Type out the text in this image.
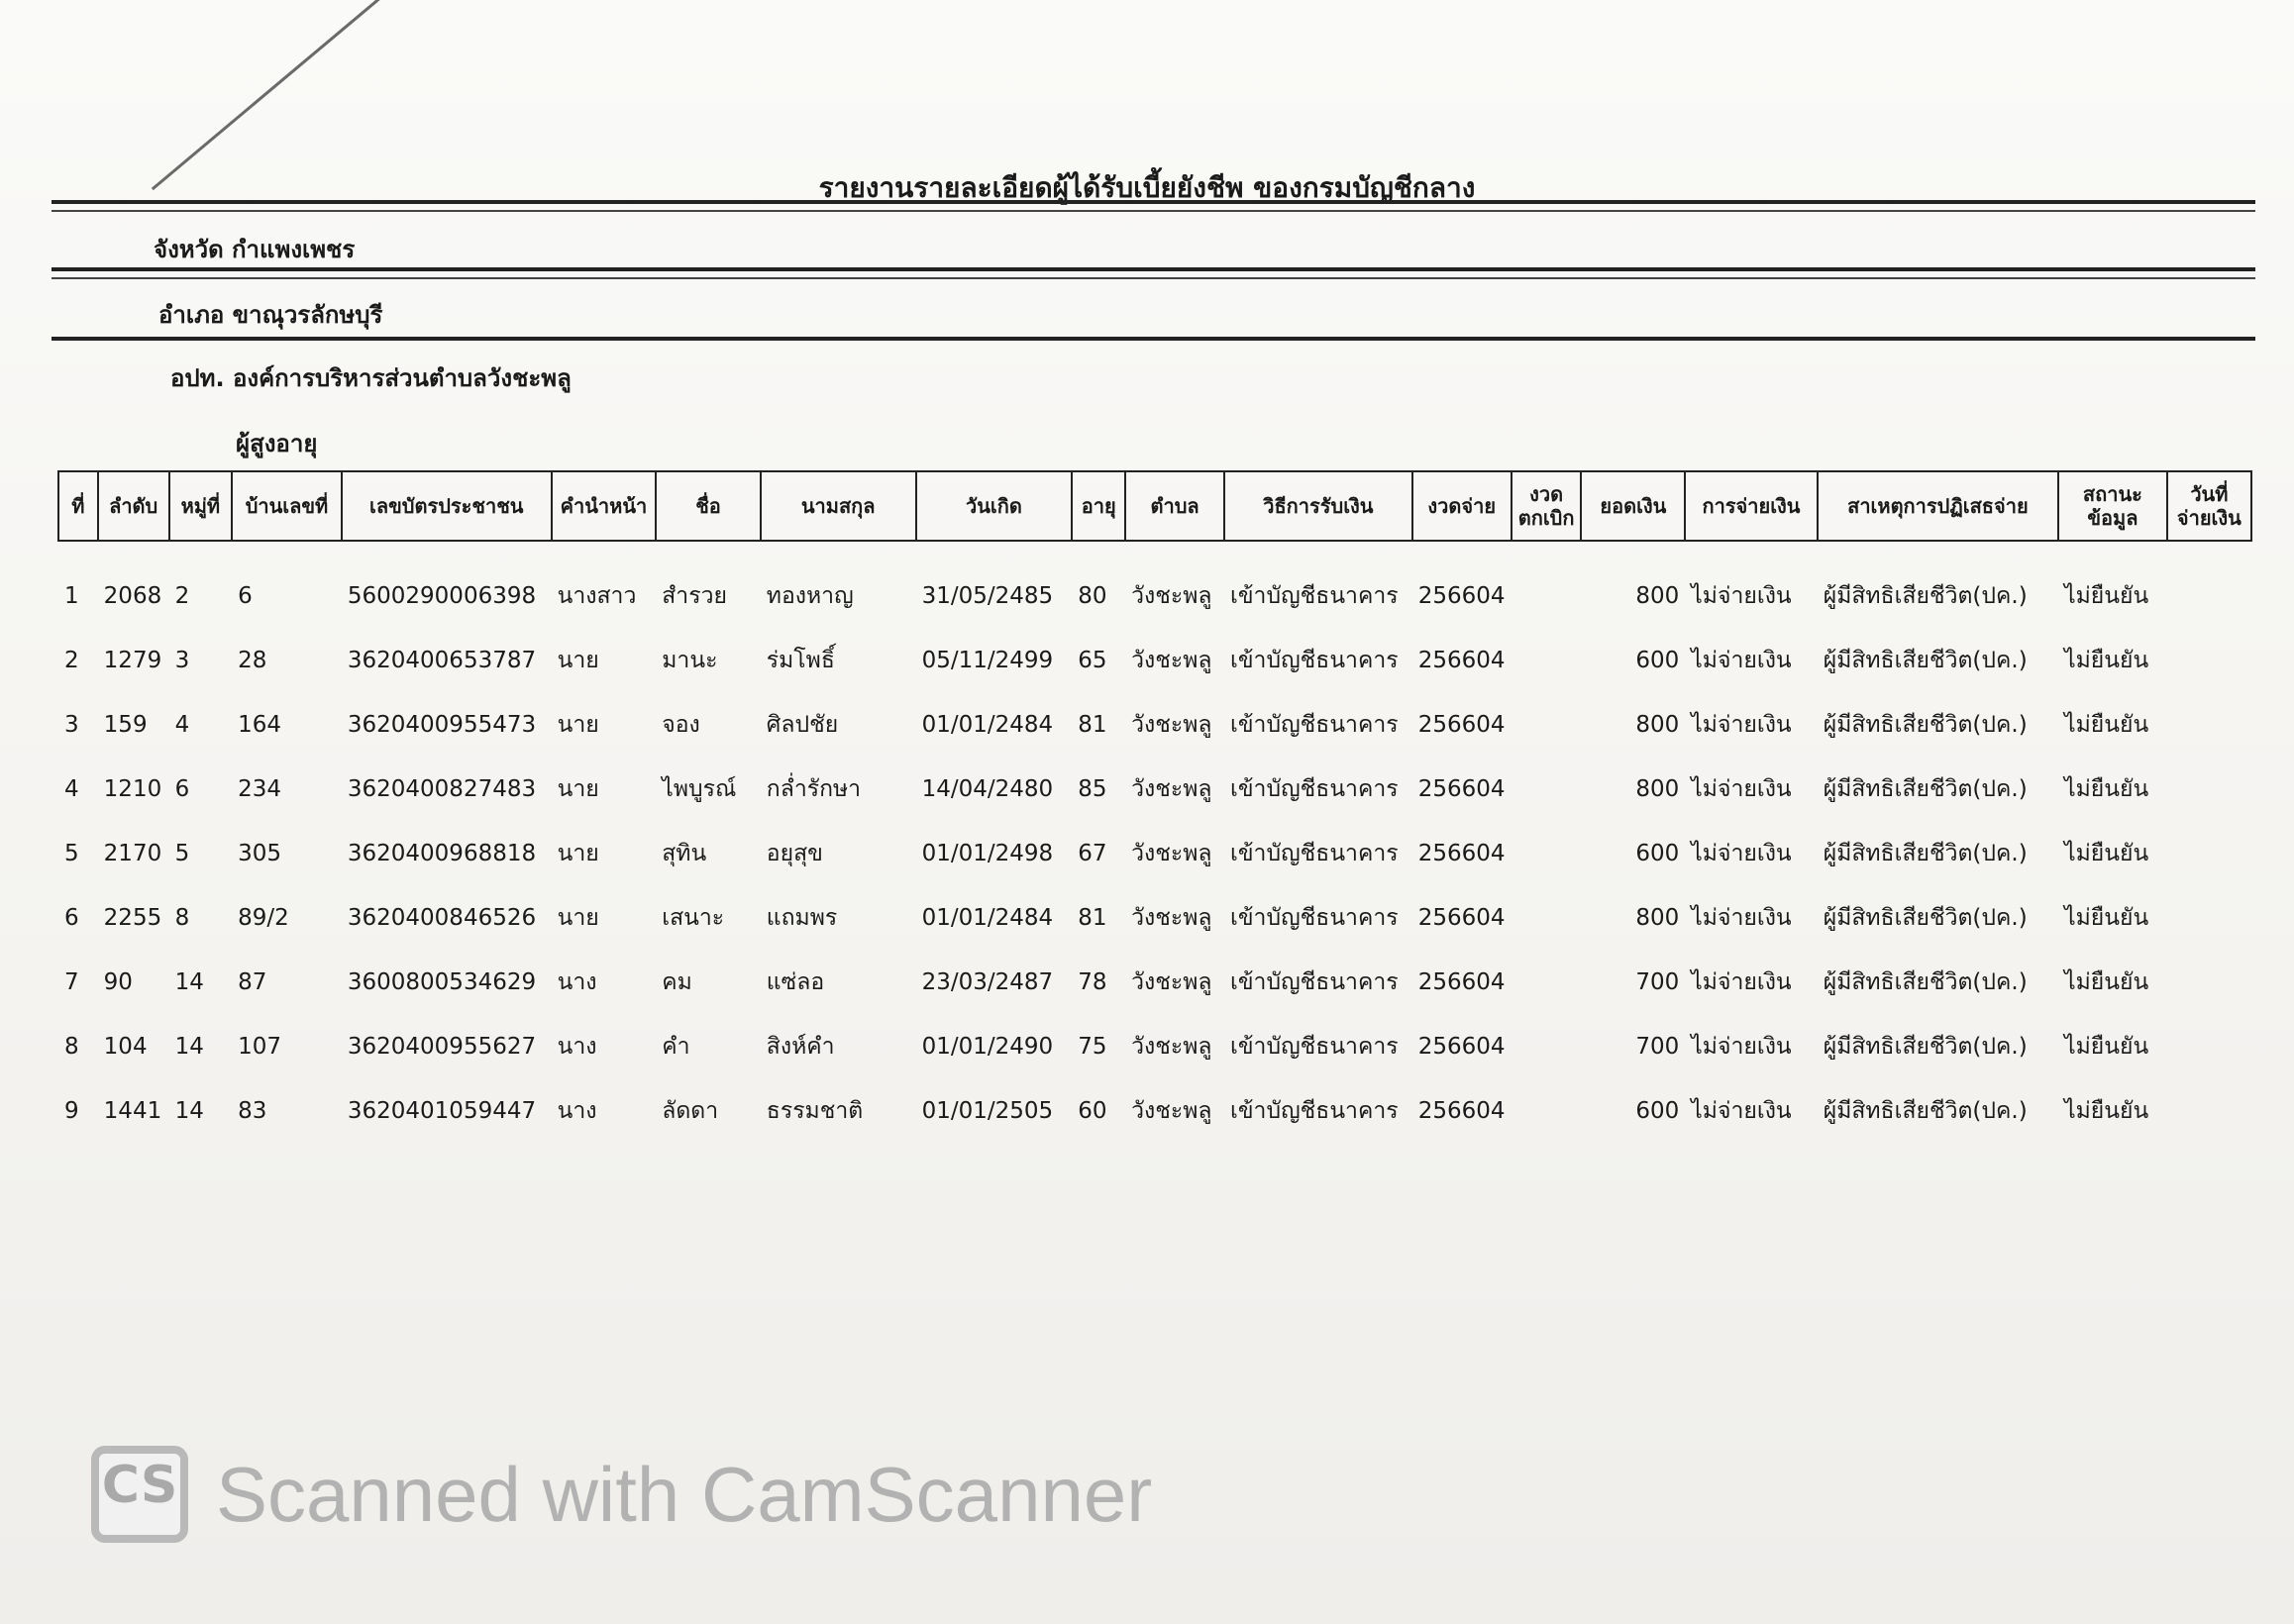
รายงานรายละเอียดผู้ได้รับเบี้ยยังชีพ ของกรมบัญชีกลาง
จังหวัด กำแพงเพชร
อำเภอ ขาณุวรลักษบุรี
อปท. องค์การบริหารส่วนตำบลวังชะพลู
ผู้สูงอายุ
ที่	ลำดับ	หมู่ที่	บ้านเลขที่	เลขบัตรประชาชน	คำนำหน้า	ชื่อ	นามสกุล	วันเกิด	อายุ	ตำบล	วิธีการรับเงิน	งวดจ่าย	งวด ตกเบิก	ยอดเงิน	การจ่ายเงิน	สาเหตุการปฏิเสธจ่าย	สถานะ ข้อมูล	วันที่ จ่ายเงิน

1	2068	2	6	5600290006398	นางสาว	สำรวย	ทองหาญ	31/05/2485	80	วังชะพลู	เข้าบัญชีธนาคาร	256604		800	ไม่จ่ายเงิน	ผู้มีสิทธิเสียชีวิต(ปค.)	ไม่ยืนยัน	
2	1279	3	28	3620400653787	นาย	มานะ	ร่มโพธิ์	05/11/2499	65	วังชะพลู	เข้าบัญชีธนาคาร	256604		600	ไม่จ่ายเงิน	ผู้มีสิทธิเสียชีวิต(ปค.)	ไม่ยืนยัน	
3	159	4	164	3620400955473	นาย	จอง	ศิลปชัย	01/01/2484	81	วังชะพลู	เข้าบัญชีธนาคาร	256604		800	ไม่จ่ายเงิน	ผู้มีสิทธิเสียชีวิต(ปค.)	ไม่ยืนยัน	
4	1210	6	234	3620400827483	นาย	ไพบูรณ์	กล่ำรักษา	14/04/2480	85	วังชะพลู	เข้าบัญชีธนาคาร	256604		800	ไม่จ่ายเงิน	ผู้มีสิทธิเสียชีวิต(ปค.)	ไม่ยืนยัน	
5	2170	5	305	3620400968818	นาย	สุทิน	อยุสุข	01/01/2498	67	วังชะพลู	เข้าบัญชีธนาคาร	256604		600	ไม่จ่ายเงิน	ผู้มีสิทธิเสียชีวิต(ปค.)	ไม่ยืนยัน	
6	2255	8	89/2	3620400846526	นาย	เสนาะ	แถมพร	01/01/2484	81	วังชะพลู	เข้าบัญชีธนาคาร	256604		800	ไม่จ่ายเงิน	ผู้มีสิทธิเสียชีวิต(ปค.)	ไม่ยืนยัน	
7	90	14	87	3600800534629	นาง	คม	แซ่ลอ	23/03/2487	78	วังชะพลู	เข้าบัญชีธนาคาร	256604		700	ไม่จ่ายเงิน	ผู้มีสิทธิเสียชีวิต(ปค.)	ไม่ยืนยัน	
8	104	14	107	3620400955627	นาง	คำ	สิงห์คำ	01/01/2490	75	วังชะพลู	เข้าบัญชีธนาคาร	256604		700	ไม่จ่ายเงิน	ผู้มีสิทธิเสียชีวิต(ปค.)	ไม่ยืนยัน	
9	1441	14	83	3620401059447	นาง	ลัดดา	ธรรมชาติ	01/01/2505	60	วังชะพลู	เข้าบัญชีธนาคาร	256604		600	ไม่จ่ายเงิน	ผู้มีสิทธิเสียชีวิต(ปค.)	ไม่ยืนยัน	
CS Scanned with CamScanner
